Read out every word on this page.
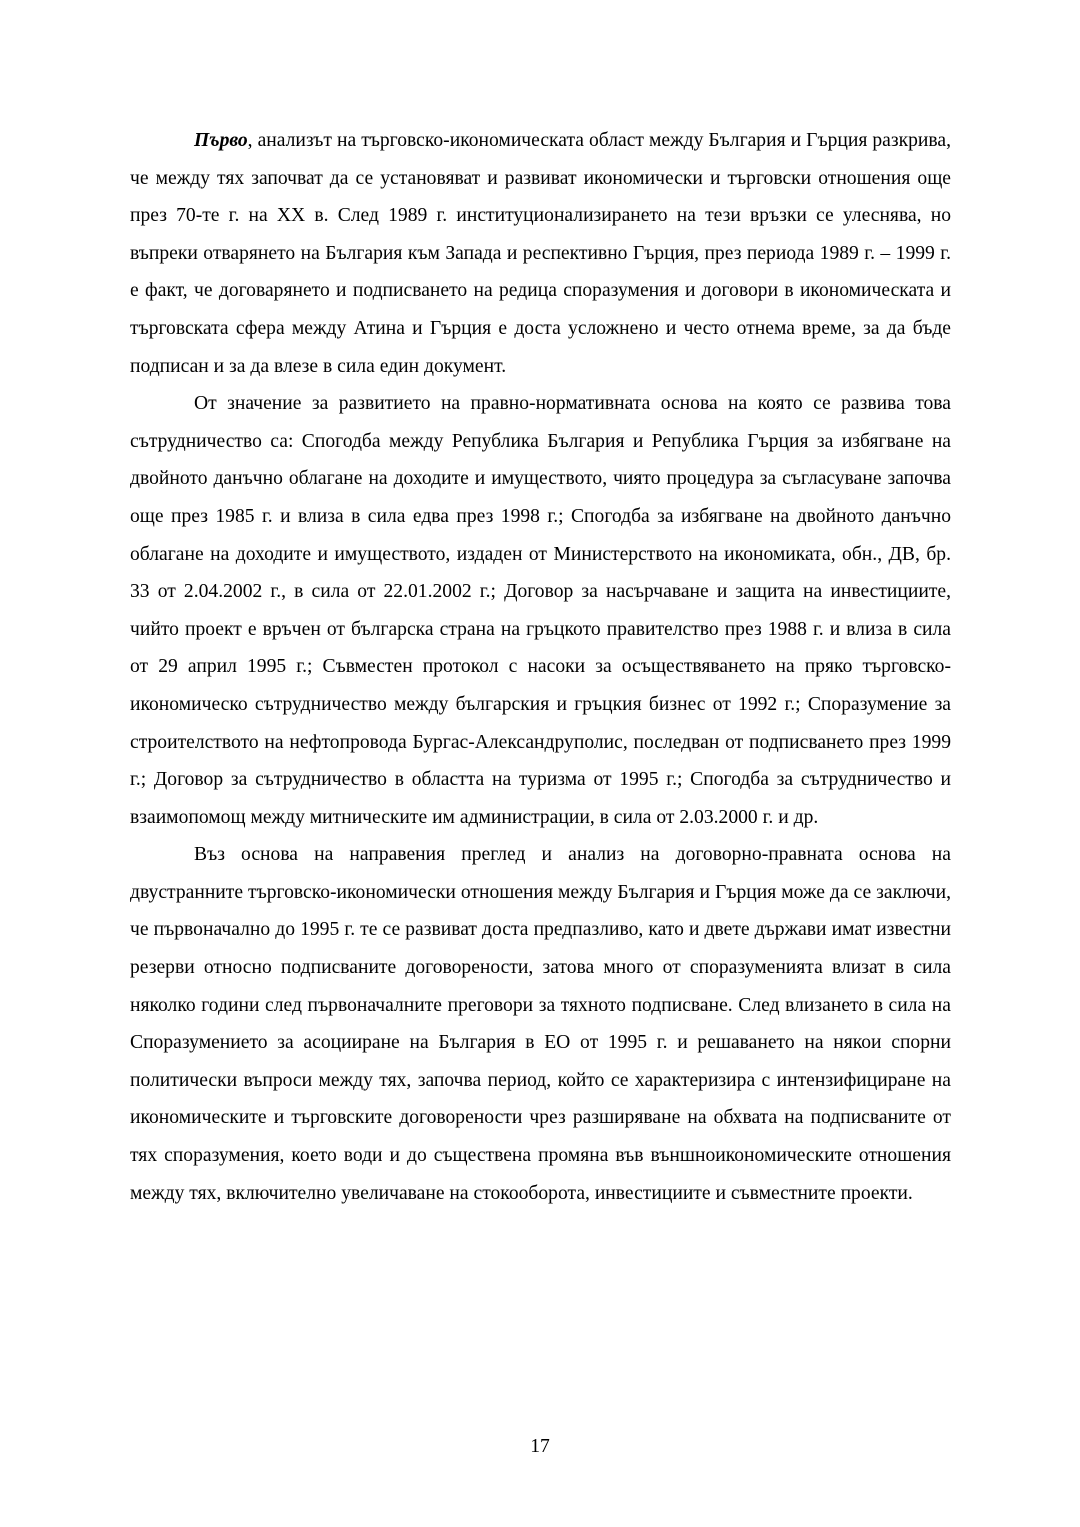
Първо, анализът на търговско-икономическата област между България и Гърция разкрива, че между тях започват да се установяват и развиват икономически и търговски отношения още през 70-те г. на ХХ в. След 1989 г. институционализирането на тези връзки се улеснява, но въпреки отварянето на България към Запада и респективно Гърция, през периода 1989 г. – 1999 г. е факт, че договарянето и подписването на редица споразумения и договори в икономическата и търговската сфера между Атина и Гърция е доста усложнено и често отнема време, за да бъде подписан и за да влезе в сила един документ.

От значение за развитието на правно-нормативната основа на която се развива това сътрудничество са: Спогодба между Република България и Република Гърция за избягване на двойното данъчно облагане на доходите и имуществото, чиято процедура за съгласуване започва още през 1985 г. и влиза в сила едва през 1998 г.; Спогодба за избягване на двойното данъчно облагане на доходите и имуществото, издаден от Министерството на икономиката, обн., ДВ, бр. 33 от 2.04.2002 г., в сила от 22.01.2002 г.; Договор за насърчаване и защита на инвестициите, чийто проект е връчен от българска страна на гръцкото правителство през 1988 г. и влиза в сила от 29 април 1995 г.; Съвместен протокол с насоки за осъществяването на пряко търговско-икономическо сътрудничество между българския и гръцкия бизнес от 1992 г.; Споразумение за строителството на нефтопровода Бургас-Александруполис, последван от подписването през 1999 г.; Договор за сътрудничество в областта на туризма от 1995 г.; Спогодба за сътрудничество и взаимопомощ между митническите им администрации, в сила от 2.03.2000 г. и др.

Въз основа на направения преглед и анализ на договорно-правната основа на двустранните търговско-икономически отношения между България и Гърция може да се заключи, че първоначално до 1995 г. те се развиват доста предпазливо, като и двете държави имат известни резерви относно подписваните договорености, затова много от споразуменията влизат в сила няколко години след първоначалните преговори за тяхното подписване. След влизането в сила на Споразумението за асоцииране на България в ЕО от 1995 г. и решаването на някои спорни политически въпроси между тях, започва период, който се характеризира с интензифициране на икономическите и търговските договорености чрез разширяване на обхвата на подписваните от тях споразумения, което води и до съществена промяна във външноикономическите отношения между тях, включително увеличаване на стокооборота, инвестициите и съвместните проекти.

17
